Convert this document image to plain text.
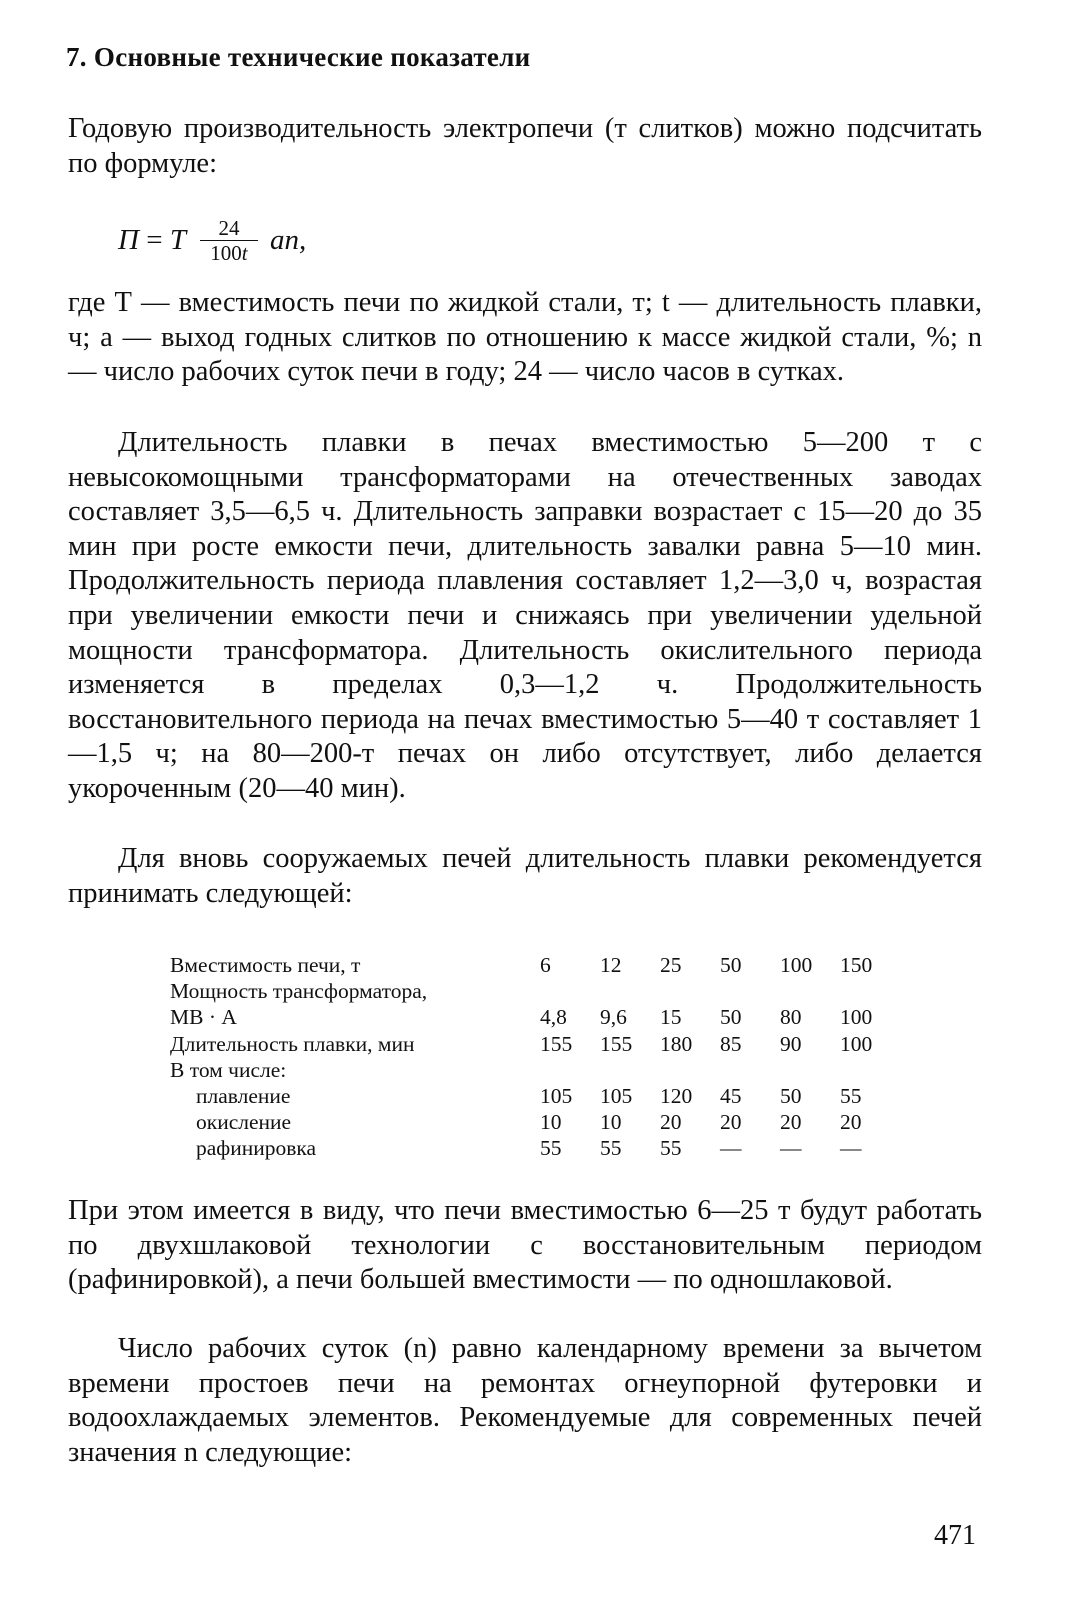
7. Основные технические показатели

Годовую производительность электропечи (т слитков) можно подсчитать по формуле:

П = Т $\frac{24}{100t}$ an,

где Т — вместимость печи по жидкой стали, т; t — длительность плавки, ч; a — выход годных слитков по отношению к массе жидкой стали, %; n — число рабочих суток печи в году; 24 — число часов в сутках.

Длительность плавки в печах вместимостью 5—200 т с невысокомощными трансформаторами на отечественных заводах составляет 3,5—6,5 ч. Длительность заправки возрастает с 15—20 до 35 мин при росте емкости печи, длительность завалки равна 5—10 мин. Продолжительность периода плавления составляет 1,2—3,0 ч, возрастая при увеличении емкости печи и снижаясь при увеличении удельной мощности трансформатора. Длительность окислительного периода изменяется в пределах 0,3—1,2 ч. Продолжительность восстановительного периода на печах вместимостью 5—40 т составляет 1—1,5 ч; на 80—200-т печах он либо отсутствует, либо делается укороченным (20—40 мин).

Для вновь сооружаемых печей длительность плавки рекомендуется принимать следующей:

Вместимость печи, т	6	12	25	50	100	150
Мощность трансформатора,						
МВ · А	4,8	9,6	15	50	80	100
Длительность плавки, мин	155	155	180	85	90	100
В том числе:						
плавление	105	105	120	45	50	55
окисление	10	10	20	20	20	20
рафинировка	55	55	55	—	—	—

При этом имеется в виду, что печи вместимостью 6—25 т будут работать по двухшлаковой технологии с восстановительным периодом (рафинировкой), а печи большей вместимости — по одношлаковой.

Число рабочих суток (n) равно календарному времени за вычетом времени простоев печи на ремонтах огнеупорной футеровки и водоохлаждаемых элементов. Рекомендуемые для современных печей значения n следующие:

471
